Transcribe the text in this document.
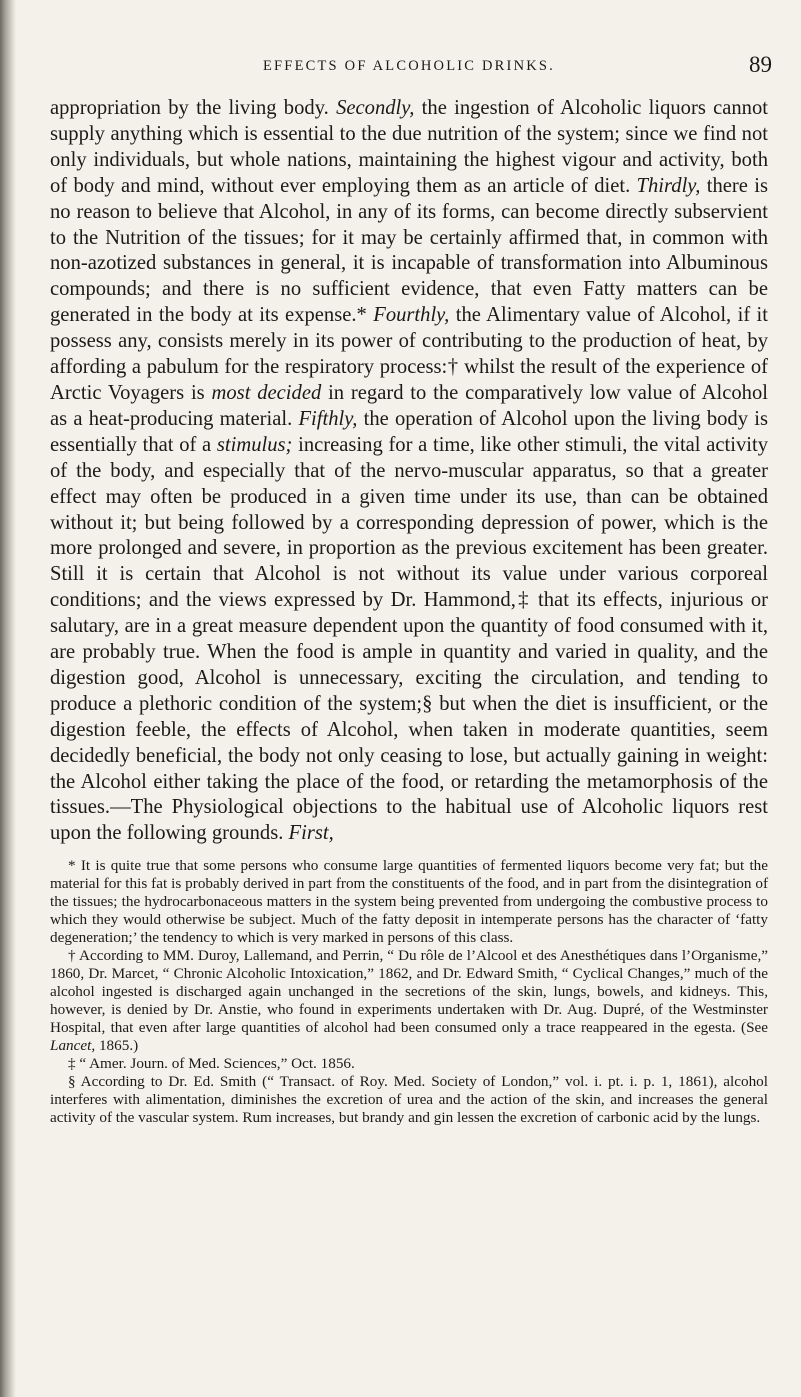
EFFECTS OF ALCOHOLIC DRINKS.	89

appropriation by the living body. Secondly, the ingestion of Alcoholic liquors cannot supply anything which is essential to the due nutrition of the system; since we find not only individuals, but whole nations, maintaining the highest vigour and activity, both of body and mind, without ever employing them as an article of diet. Thirdly, there is no reason to believe that Alcohol, in any of its forms, can become directly subservient to the Nutrition of the tissues; for it may be certainly affirmed that, in common with non-azotized substances in general, it is incapable of transformation into Albuminous compounds; and there is no sufficient evidence, that even Fatty matters can be generated in the body at its expense.* Fourthly, the Alimentary value of Alcohol, if it possess any, consists merely in its power of contributing to the production of heat, by affording a pabulum for the respiratory process:† whilst the result of the experience of Arctic Voyagers is most decided in regard to the comparatively low value of Alcohol as a heat-producing material. Fifthly, the operation of Alcohol upon the living body is essentially that of a stimulus; increasing for a time, like other stimuli, the vital activity of the body, and especially that of the nervo-muscular apparatus, so that a greater effect may often be produced in a given time under its use, than can be obtained without it; but being followed by a corresponding depression of power, which is the more prolonged and severe, in proportion as the previous excitement has been greater. Still it is certain that Alcohol is not without its value under various corporeal conditions; and the views expressed by Dr. Hammond,‡ that its effects, injurious or salutary, are in a great measure dependent upon the quantity of food consumed with it, are probably true. When the food is ample in quantity and varied in quality, and the digestion good, Alcohol is unnecessary, exciting the circulation, and tending to produce a plethoric condition of the system;§ but when the diet is insufficient, or the digestion feeble, the effects of Alcohol, when taken in moderate quantities, seem decidedly beneficial, the body not only ceasing to lose, but actually gaining in weight: the Alcohol either taking the place of the food, or retarding the metamorphosis of the tissues.—The Physiological objections to the habitual use of Alcoholic liquors rest upon the following grounds. First,

* It is quite true that some persons who consume large quantities of fermented liquors become very fat; but the material for this fat is probably derived in part from the constituents of the food, and in part from the disintegration of the tissues; the hydrocarbonaceous matters in the system being prevented from undergoing the combustive process to which they would otherwise be subject. Much of the fatty deposit in intemperate persons has the character of ‘fatty degeneration;’ the tendency to which is very marked in persons of this class.

† According to MM. Duroy, Lallemand, and Perrin, “ Du rôle de l’Alcool et des Anesthétiques dans l’Organisme,” 1860, Dr. Marcet, “ Chronic Alcoholic Intoxication,” 1862, and Dr. Edward Smith, “ Cyclical Changes,” much of the alcohol ingested is discharged again unchanged in the secretions of the skin, lungs, bowels, and kidneys. This, however, is denied by Dr. Anstie, who found in experiments undertaken with Dr. Aug. Dupré, of the Westminster Hospital, that even after large quantities of alcohol had been consumed only a trace reappeared in the egesta. (See Lancet, 1865.)

‡ “ Amer. Journ. of Med. Sciences,” Oct. 1856.

§ According to Dr. Ed. Smith (“ Transact. of Roy. Med. Society of London,” vol. i. pt. i. p. 1, 1861), alcohol interferes with alimentation, diminishes the excretion of urea and the action of the skin, and increases the general activity of the vascular system. Rum increases, but brandy and gin lessen the excretion of carbonic acid by the lungs.
